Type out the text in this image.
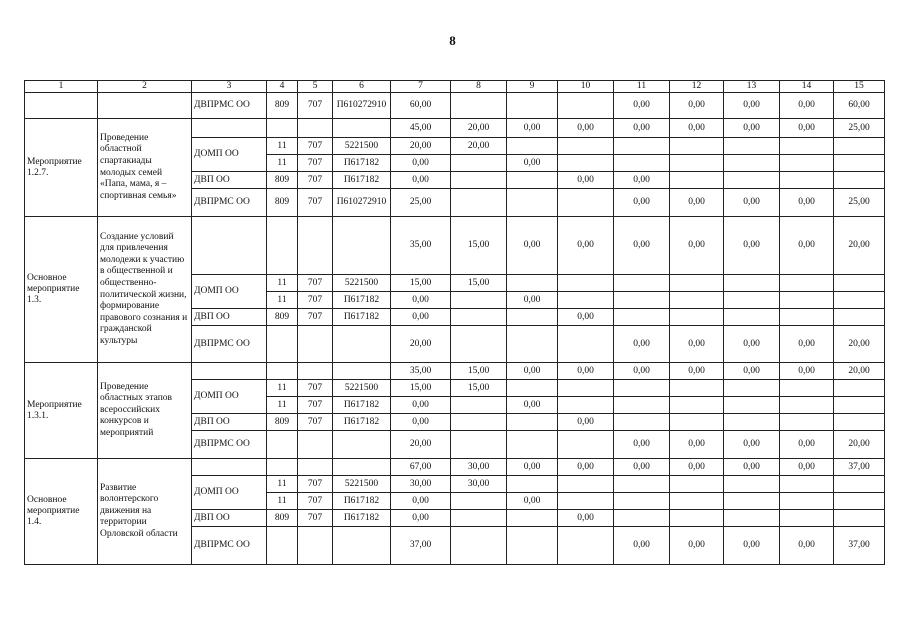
8
1	2	3	4	5	6	7	8	9	10	11	12	13	14	15
		ДВПРМС ОО	809	707	П610272910	60,00				0,00	0,00	0,00	0,00	60,00
Мероприятие 1.2.7.	Проведение областной спартакиады молодых семей «Папа, мама, я – спортивная семья»					45,00	20,00	0,00	0,00	0,00	0,00	0,00	0,00	25,00
		ДОМП ОО	11	707	5221500	20,00	20,00							
			11	707	П617182	0,00		0,00						
		ДВП ОО	809	707	П617182	0,00			0,00	0,00				
		ДВПРМС ОО	809	707	П610272910	25,00				0,00	0,00	0,00	0,00	25,00
Основное мероприятие 1.3.	Создание условий для привлечения молодежи к участию в общественной и общественно-политической жизни, формирование правового сознания и гражданской культуры					35,00	15,00	0,00	0,00	0,00	0,00	0,00	0,00	20,00
		ДОМП ОО	11	707	5221500	15,00	15,00							
			11	707	П617182	0,00		0,00						
		ДВП ОО	809	707	П617182	0,00			0,00					
		ДВПРМС ОО				20,00				0,00	0,00	0,00	0,00	20,00
Мероприятие 1.3.1.	Проведение областных этапов всероссийских конкурсов и мероприятий					35,00	15,00	0,00	0,00	0,00	0,00	0,00	0,00	20,00
		ДОМП ОО	11	707	5221500	15,00	15,00							
			11	707	П617182	0,00		0,00						
		ДВП ОО	809	707	П617182	0,00			0,00					
		ДВПРМС ОО				20,00				0,00	0,00	0,00	0,00	20,00
Основное мероприятие 1.4.	Развитие волонтерского движения на территории Орловской области					67,00	30,00	0,00	0,00	0,00	0,00	0,00	0,00	37,00
		ДОМП ОО	11	707	5221500	30,00	30,00							
			11	707	П617182	0,00		0,00						
		ДВП ОО	809	707	П617182	0,00			0,00					
		ДВПРМС ОО				37,00				0,00	0,00	0,00	0,00	37,00
